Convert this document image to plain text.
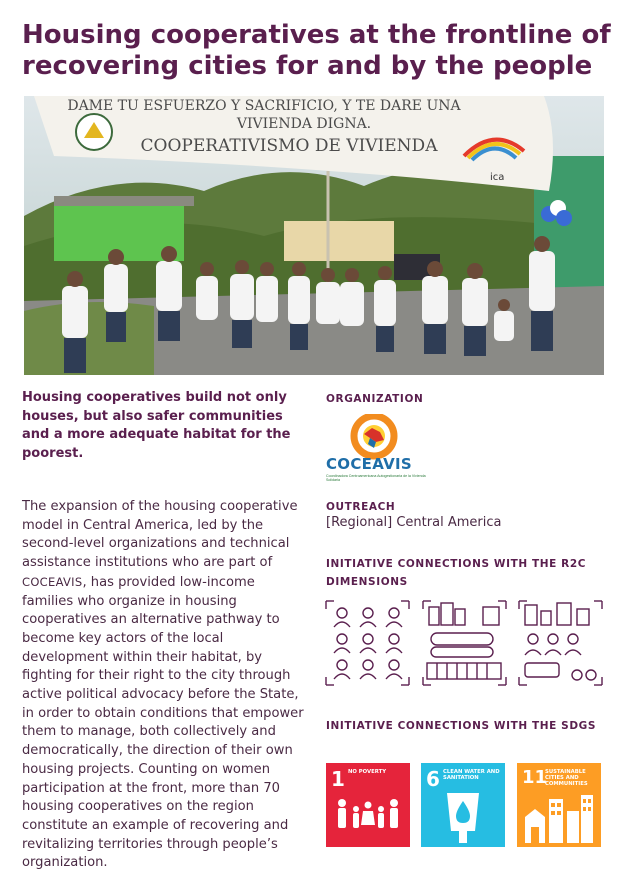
Housing cooperatives at the frontline of recovering cities for and by the people
DAME TU ESFUERZO Y SACRIFICIO, Y TE DARE UNA
VIVIENDA DIGNA.
COOPERATIVISMO DE VIVIENDA
ica

Housing cooperatives build not only houses, but also safer communities and a more adequate habitat for the poorest.

The expansion of the housing cooperative model in Central America, led by the second-level organizations and technical assistance institutions who are part of COCEAVIS, has provided low-income families who organize in housing cooperatives an alternative pathway to become key actors of the local development within their habitat, by fighting for their right to the city through active political advocacy before the State, in order to obtain conditions that empower them to manage, both collectively and democratically, the direction of their own housing projects. Counting on women participation at the front, more than 70 housing cooperatives on the region constitute an example of recovering and revitalizing territories through people’s organization.

ORGANIZATION
COCEAVIS
Coordinadora Centroamericana Autogestionaria de la Vivienda Solidaria
OUTREACH

[Regional] Central America

INITIATIVE CONNECTIONS WITH THE R2C DIMENSIONS
INITIATIVE CONNECTIONS WITH THE SDGS
1 NO POVERTY	6 CLEAN WATER AND SANITATION	11
SUSTAINABLE CITIES AND COMMUNITIES
